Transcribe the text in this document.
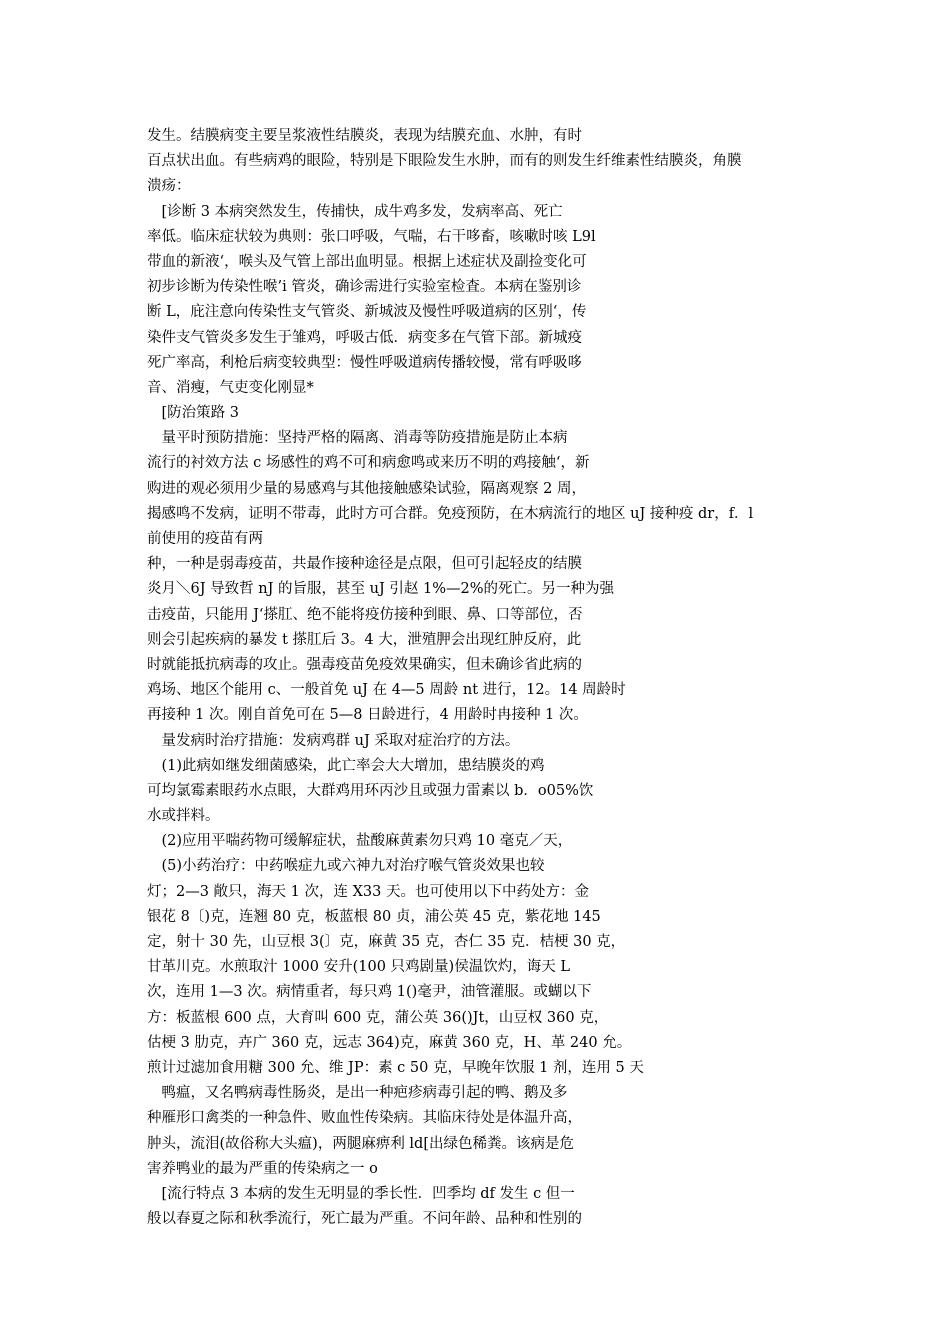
发生。结膜病变主要呈浆液性结膜炎，表现为结膜充血、水肿，有时
百点状出血。有些病鸡的眼险，特别是下眼险发生水肿，而有的则发生纤维素性结膜炎，角膜
溃疡：
　[诊断 3 本病突然发生，传捕快，成牛鸡多发，发病率高、死亡
率低。临床症状较为典则：张口呼吸，气喘，右干哆畜，咳嗽时咳 L9l
带血的新液‘，喉头及气管上部出血明显。根据上述症状及副捡变化可
初步诊断为传染性喉’i 管炎，确诊需进行实验室检査。本病在鉴别诊
断 L，庇注意向传染性支气管炎、新城波及慢性呼吸道病的区别‘，传
染件支气管炎多发生于雏鸡，呼吸古低．病变多在气管下部。新城疫
死广率高，利枪后病变较典型：慢性呼吸道病传播较慢，常有呼吸哆
音、消瘦，气吏变化刚显*
　[防治策路 3
　量平时预防措施：坚持严格的隔离、消毒等防疫措施是防止本病
流行的衬效方法 c 场感性的鸡不可和病愈鸣或来历不明的鸡接触‘，新
购进的观必须用少量的易感鸡与其他接触感染试验，隔离观察 2 周，
揭感鸣不发病，证明不带毒，此时方可合群。免疫预防，在木病流行的地区 uJ 接种疫 dr，f．l
前使用的疫苗有两
种，一种是弱毒疫苗，共最作接种途径是点限，但可引起轻皮的结膜
炎月＼6J 导致哲 nJ 的旨服，甚至 uJ 引赵 1%—2%的死亡。另一种为强
击疫苗，只能用 J‘搽肛、绝不能将疫仿接种到眼、鼻、口等部位，否
则会引起疾病的暴发 t 搽肛后 3。4 大，泄殖胛会出现红肿反府，此
时就能抵抗病毒的攻止。强毒疫苗免疫效果确实，但未确诊省此病的
鸡场、地区个能用 c、一般首免 uJ 在 4—5 周龄 nt 进行，12。14 周龄时
再接种 1 次。刚自首免可在 5—8 日龄进行，4 用龄时冉接种 1 次。
　量发病时治疗措施：发病鸡群 uJ 采取对症治疗的方法。
　(1)此病如继发细菌感染，此亡率会大大增加，患结膜炎的鸡
可均氯霉素眼药水点眼，大群鸡用环丙沙且或强力雷素以 b．o05%饮
水或拌料。
　(2)应用平喘药物可缓解症状，盐酸麻黄素勿只鸡 10 毫克／天，
　(5)小药治疗：中药喉症九或六神九对治疗喉气管炎效果也较
灯；2—3 敞只，海天 1 次，连 X33 天。也可使用以下中药处方：金
银花 8〔)克，连翘 80 克，板蓝根 80 贞，浦公英 45 克，紫花地 145
定，射十 30 先，山豆根 3(〕克，麻黄 35 克，杏仁 35 克．桔梗 30 克，
甘革川克。水煎取汁 1000 安升(100 只鸡剧量)侯温饮灼，诲天 L
次，连用 1—3 次。病情重者，每只鸡 1()毫尹，油管灌服。或蝴以下
方：板蓝根 600 点，大育叫 600 克，蒲公英 36()Jt，山豆权 360 克，
估梗 3 肋克，卉广 360 克，远志 364)克，麻黄 360 克，H、革 240 允。
煎计过滤加食用糖 300 允、维 JP：素 c 50 克，早晚年饮服 1 剂，连用 5 天
　鸭瘟，又名鸭病毒性肠炎，是出一种疤疹病毒引起的鸭、鹅及多
种雁形口禽类的一种急件、败血性传染病。其临床待处是体温升高，
肿头，流泪(故俗称大头瘟)，两腿麻痹利 ld[出绿色稀粪。该病是危
害养鸭业的最为严重的传染病之一 o
　[流行特点 3 本病的发生无明显的季长性．凹季均 df 发生 c 但一
般以春夏之际和秋季流行，死亡最为严重。不问年龄、品种和性别的
